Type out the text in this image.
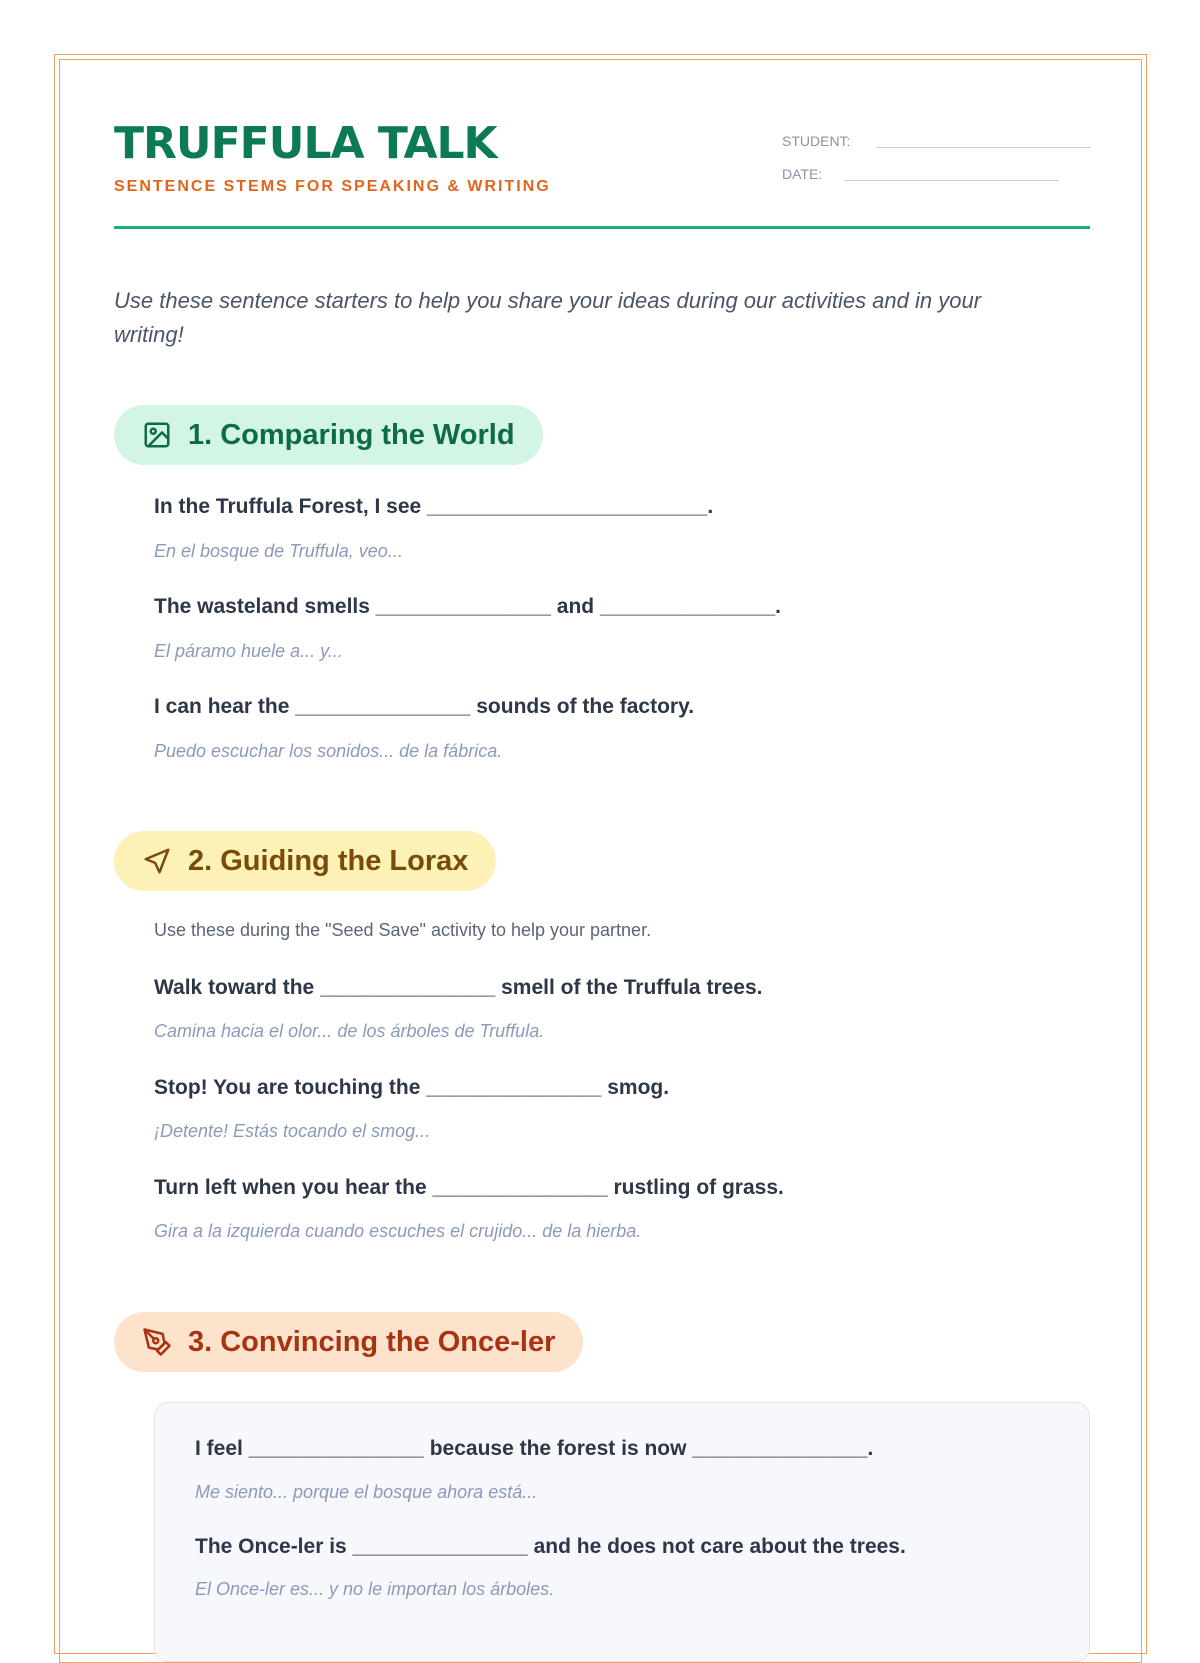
TRUFFULA TALK
SENTENCE STEMS FOR SPEAKING & WRITING
STUDENT:
DATE:
Use these sentence starters to help you share your ideas during our activities and in your writing!
1. Comparing the World
In the Truffula Forest, I see ________________________.
En el bosque de Truffula, veo...
The wasteland smells _______________ and _______________.
El páramo huele a... y...
I can hear the _______________ sounds of the factory.
Puedo escuchar los sonidos... de la fábrica.
2. Guiding the Lorax
Use these during the "Seed Save" activity to help your partner.
Walk toward the _______________ smell of the Truffula trees.
Camina hacia el olor... de los árboles de Truffula.
Stop! You are touching the _______________ smog.
¡Detente! Estás tocando el smog...
Turn left when you hear the _______________ rustling of grass.
Gira a la izquierda cuando escuches el crujido... de la hierba.
3. Convincing the Once-ler
I feel _______________ because the forest is now _______________.
Me siento... porque el bosque ahora está...
The Once-ler is _______________ and he does not care about the trees.
El Once-ler es... y no le importan los árboles.
